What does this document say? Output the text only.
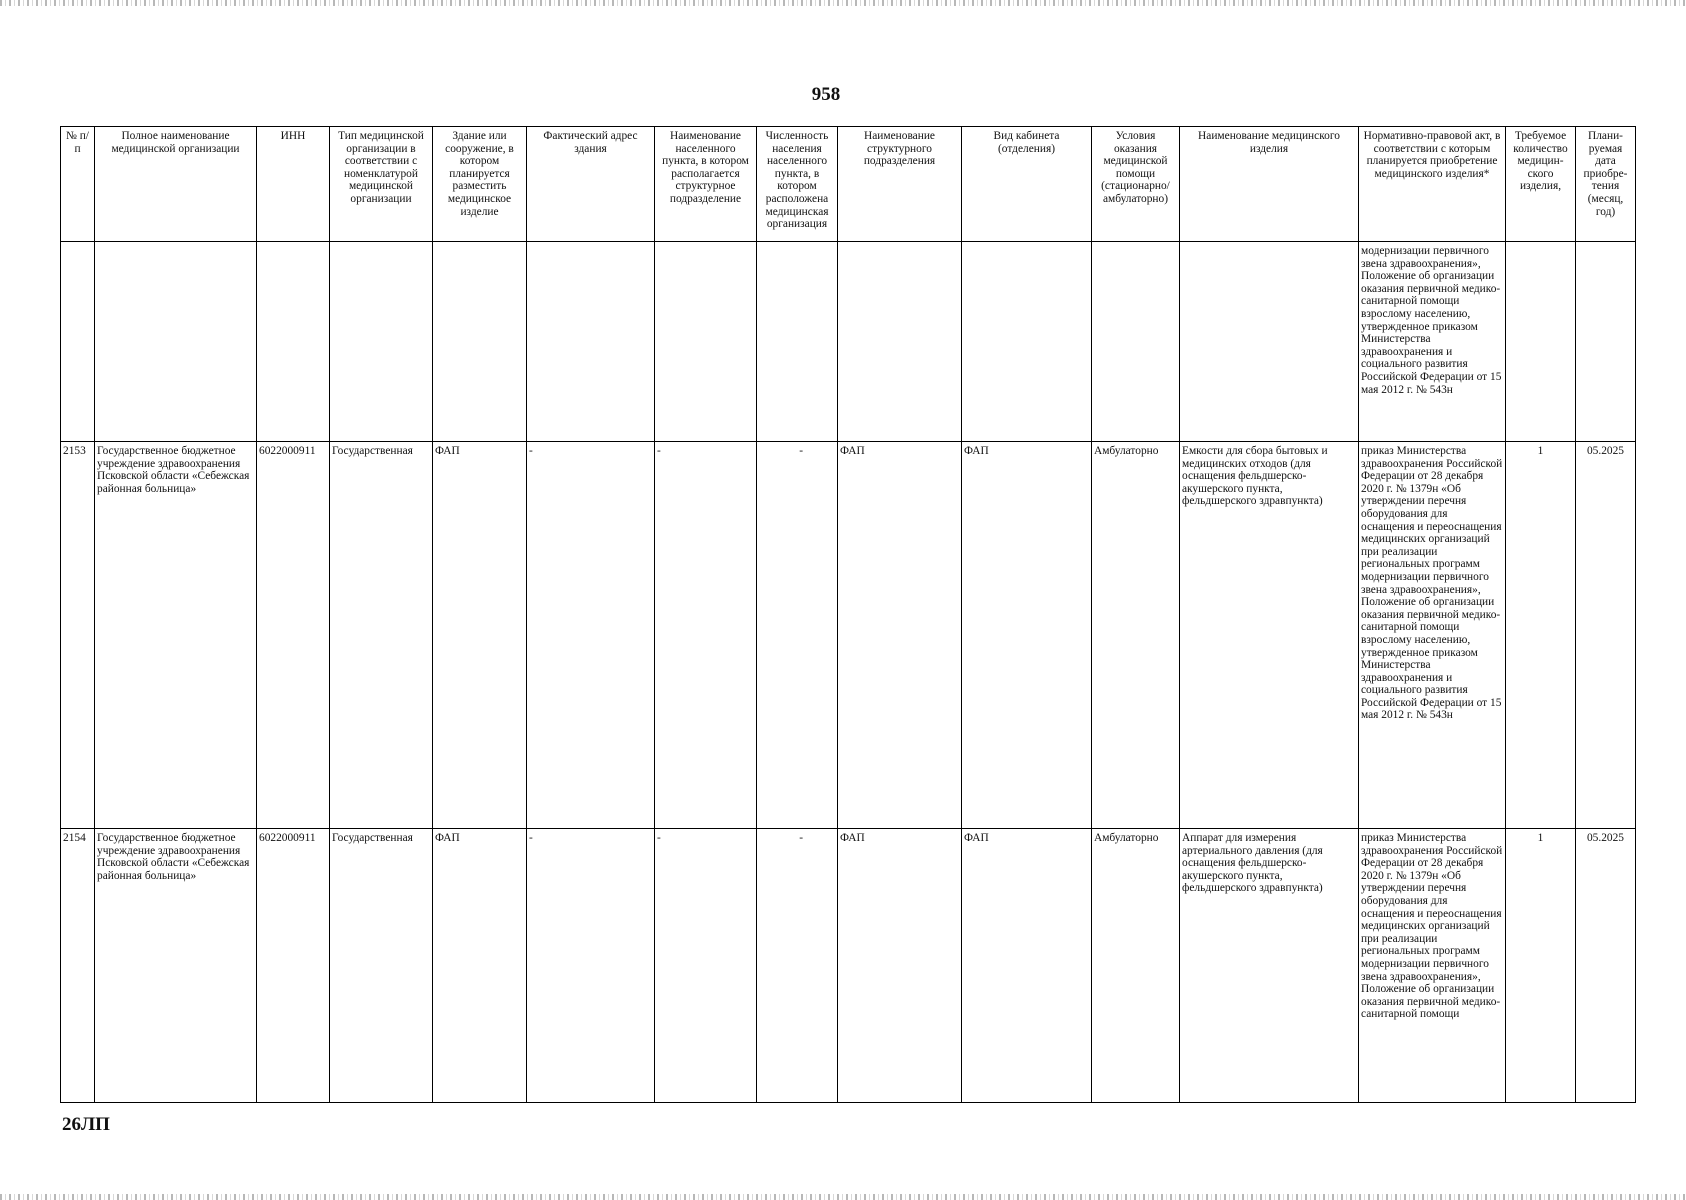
958
№ п/п	Полное наименование медицинской организации	ИНН	Тип медицинской организации в соответствии с номенклатурой медицинской организации	Здание или сооружение, в котором планируется разместить медицинское изделие	Фактический адрес здания	Наименование населенного пункта, в котором располагается структурное подразделение	Численность населения населенного пункта, в котором расположена медицинская организация	Наименование структурного подразделения	Вид кабинета (отделения)	Условия оказания медицинской помощи (стационарно/ амбулаторно)	Наименование медицинского изделия	Нормативно-правовой акт, в соответствии с которым планируется приобретение медицинского изделия*	Требуемое количество медицин-ского изделия,	Плани-руемая дата приобре-тения (месяц, год)
												модернизации первичного звена здравоохранения», Положение об организации оказания первичной медико-санитарной помощи взрослому населению, утвержденное приказом Министерства здравоохранения и социального развития Российской Федерации от 15 мая 2012 г. № 543н		
2153	Государственное бюджетное учреждение здравоохранения Псковской области «Себежская районная больница»	6022000911	Государственная	ФАП	-	-	-	ФАП	ФАП	Амбулаторно	Емкости для сбора бытовых и медицинских отходов (для оснащения фельдшерско-акушерского пункта, фельдшерского здравпункта)	приказ Министерства здравоохранения Российской Федерации от 28 декабря 2020 г. № 1379н «Об утверждении перечня оборудования для оснащения и переоснащения медицинских организаций при реализации региональных программ модернизации первичного звена здравоохранения», Положение об организации оказания первичной медико-санитарной помощи взрослому населению, утвержденное приказом Министерства здравоохранения и социального развития Российской Федерации от 15 мая 2012 г. № 543н	1	05.2025
2154	Государственное бюджетное учреждение здравоохранения Псковской области «Себежская районная больница»	6022000911	Государственная	ФАП	-	-	-	ФАП	ФАП	Амбулаторно	Аппарат для измерения артериального давления (для оснащения фельдшерско-акушерского пункта, фельдшерского здравпункта)	приказ Министерства здравоохранения Российской Федерации от 28 декабря 2020 г. № 1379н «Об утверждении перечня оборудования для оснащения и переоснащения медицинских организаций при реализации региональных программ модернизации первичного звена здравоохранения», Положение об организации оказания первичной медико-санитарной помощи	1	05.2025
26ЛП
